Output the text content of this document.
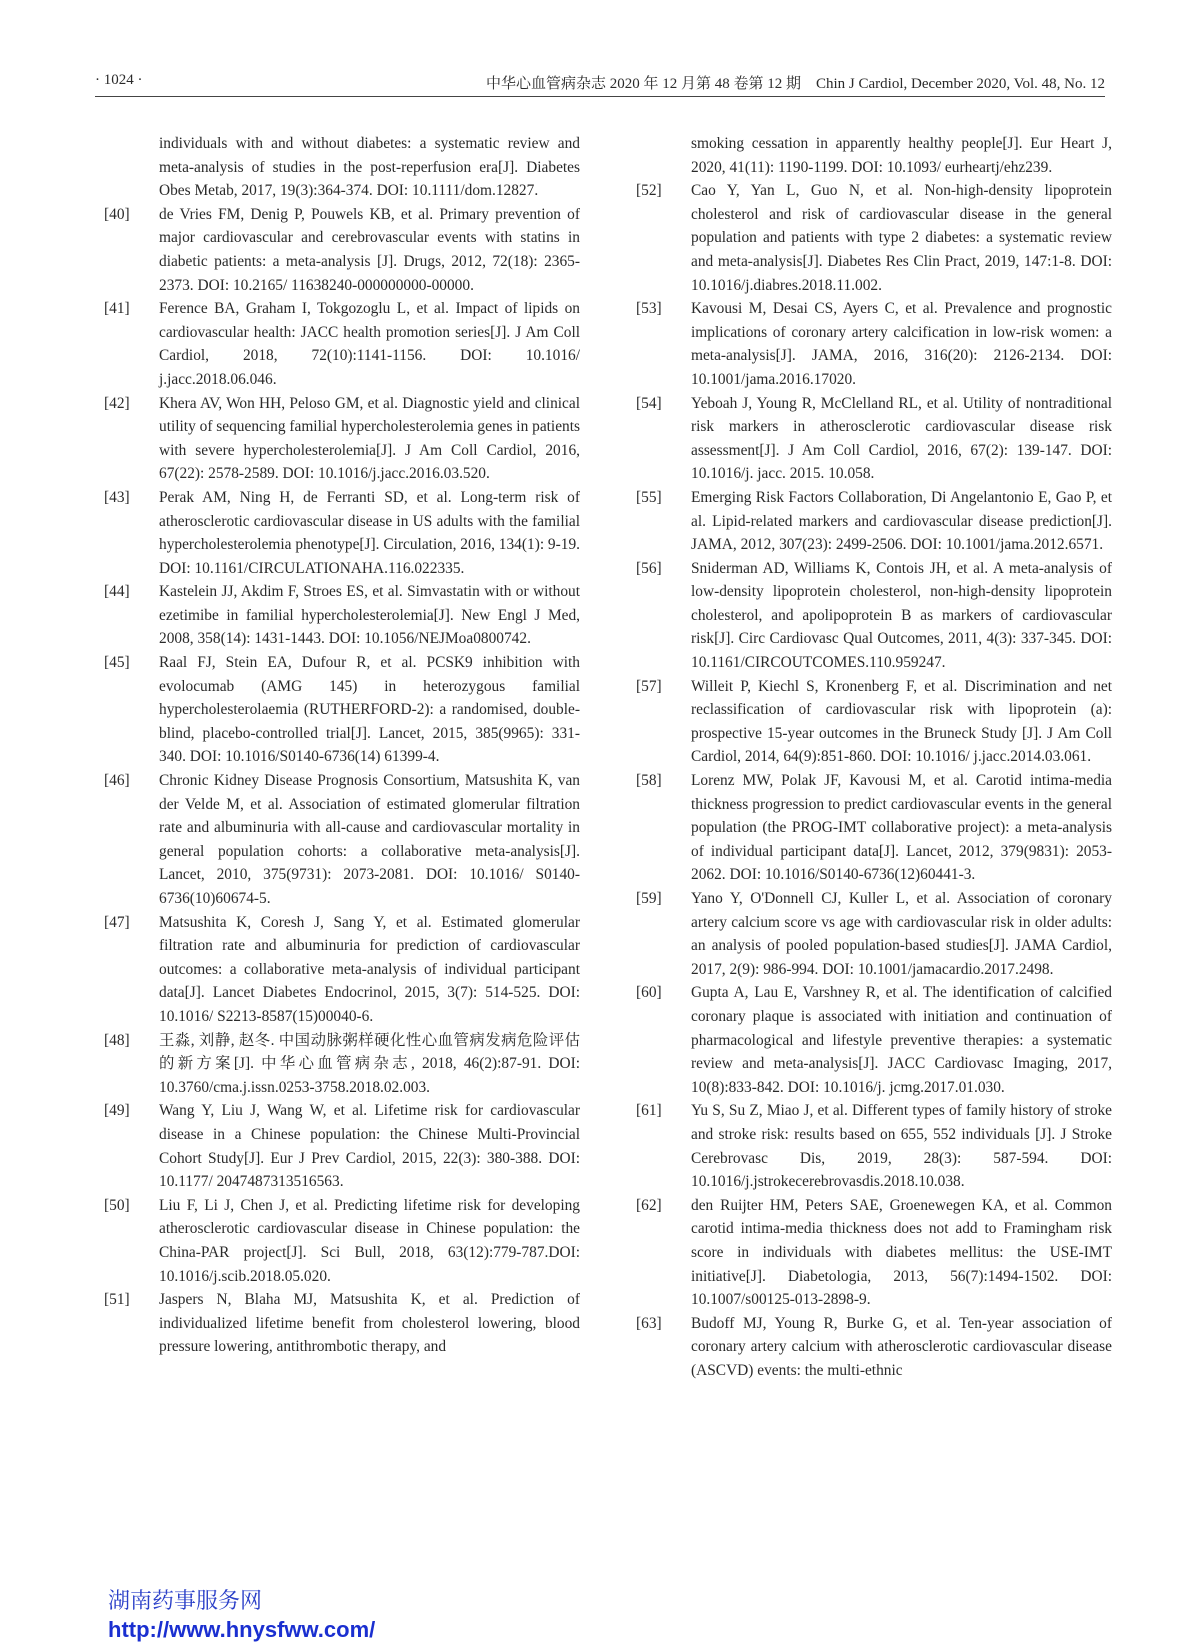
· 1024 ·	中华心血管病杂志 2020 年 12 月第 48 卷第 12 期　Chin J Cardiol, December 2020, Vol. 48, No. 12
individuals with and without diabetes: a systematic review and meta-analysis of studies in the post-reperfusion era[J]. Diabetes Obes Metab, 2017, 19(3):364-374. DOI: 10.1111/dom.12827.
[40] de Vries FM, Denig P, Pouwels KB, et al. Primary prevention of major cardiovascular and cerebrovascular events with statins in diabetic patients: a meta-analysis [J]. Drugs, 2012, 72(18): 2365-2373. DOI: 10.2165/ 11638240-000000000-00000.
[41] Ference BA, Graham I, Tokgozoglu L, et al. Impact of lipids on cardiovascular health: JACC health promotion series[J]. J Am Coll Cardiol, 2018, 72(10):1141-1156. DOI: 10.1016/ j.jacc.2018.06.046.
[42] Khera AV, Won HH, Peloso GM, et al. Diagnostic yield and clinical utility of sequencing familial hypercholesterolemia genes in patients with severe hypercholesterolemia[J]. J Am Coll Cardiol, 2016, 67(22): 2578-2589. DOI: 10.1016/j.jacc.2016.03.520.
[43] Perak AM, Ning H, de Ferranti SD, et al. Long-term risk of atherosclerotic cardiovascular disease in US adults with the familial hypercholesterolemia phenotype[J]. Circulation, 2016, 134(1): 9-19. DOI: 10.1161/CIRCULATIONAHA.116.022335.
[44] Kastelein JJ, Akdim F, Stroes ES, et al. Simvastatin with or without ezetimibe in familial hypercholesterolemia[J]. New Engl J Med, 2008, 358(14): 1431-1443. DOI: 10.1056/NEJMoa0800742.
[45] Raal FJ, Stein EA, Dufour R, et al. PCSK9 inhibition with evolocumab (AMG 145) in heterozygous familial hypercholesterolaemia (RUTHERFORD-2): a randomised, double-blind, placebo-controlled trial[J]. Lancet, 2015, 385(9965): 331-340. DOI: 10.1016/S0140-6736(14) 61399-4.
[46] Chronic Kidney Disease Prognosis Consortium, Matsushita K, van der Velde M, et al. Association of estimated glomerular filtration rate and albuminuria with all-cause and cardiovascular mortality in general population cohorts: a collaborative meta-analysis[J]. Lancet, 2010, 375(9731): 2073-2081. DOI: 10.1016/ S0140-6736(10)60674-5.
[47] Matsushita K, Coresh J, Sang Y, et al. Estimated glomerular filtration rate and albuminuria for prediction of cardiovascular outcomes: a collaborative meta-analysis of individual participant data[J]. Lancet Diabetes Endocrinol, 2015, 3(7): 514-525. DOI: 10.1016/ S2213-8587(15)00040-6.
[48] 王淼, 刘静, 赵冬. 中国动脉粥样硬化性心血管病发病危险评估的新方案[J]. 中华心血管病杂志, 2018, 46(2):87-91. DOI: 10.3760/cma.j.issn.0253-3758.2018.02.003.
[49] Wang Y, Liu J, Wang W, et al. Lifetime risk for cardiovascular disease in a Chinese population: the Chinese Multi-Provincial Cohort Study[J]. Eur J Prev Cardiol, 2015, 22(3): 380-388. DOI: 10.1177/ 2047487313516563.
[50] Liu F, Li J, Chen J, et al. Predicting lifetime risk for developing atherosclerotic cardiovascular disease in Chinese population: the China-PAR project[J]. Sci Bull, 2018, 63(12):779-787.DOI: 10.1016/j.scib.2018.05.020.
[51] Jaspers N, Blaha MJ, Matsushita K, et al. Prediction of individualized lifetime benefit from cholesterol lowering, blood pressure lowering, antithrombotic therapy, and
smoking cessation in apparently healthy people[J]. Eur Heart J, 2020, 41(11): 1190-1199. DOI: 10.1093/ eurheartj/ehz239.
[52] Cao Y, Yan L, Guo N, et al. Non-high-density lipoprotein cholesterol and risk of cardiovascular disease in the general population and patients with type 2 diabetes: a systematic review and meta-analysis[J]. Diabetes Res Clin Pract, 2019, 147:1-8. DOI: 10.1016/j.diabres.2018.11.002.
[53] Kavousi M, Desai CS, Ayers C, et al. Prevalence and prognostic implications of coronary artery calcification in low-risk women: a meta-analysis[J]. JAMA, 2016, 316(20): 2126-2134. DOI: 10.1001/jama.2016.17020.
[54] Yeboah J, Young R, McClelland RL, et al. Utility of nontraditional risk markers in atherosclerotic cardiovascular disease risk assessment[J]. J Am Coll Cardiol, 2016, 67(2): 139-147. DOI: 10.1016/j. jacc. 2015. 10.058.
[55] Emerging Risk Factors Collaboration, Di Angelantonio E, Gao P, et al. Lipid-related markers and cardiovascular disease prediction[J]. JAMA, 2012, 307(23): 2499-2506. DOI: 10.1001/jama.2012.6571.
[56] Sniderman AD, Williams K, Contois JH, et al. A meta-analysis of low-density lipoprotein cholesterol, non-high-density lipoprotein cholesterol, and apolipoprotein B as markers of cardiovascular risk[J]. Circ Cardiovasc Qual Outcomes, 2011, 4(3): 337-345. DOI: 10.1161/CIRCOUTCOMES.110.959247.
[57] Willeit P, Kiechl S, Kronenberg F, et al. Discrimination and net reclassification of cardiovascular risk with lipoprotein (a): prospective 15-year outcomes in the Bruneck Study [J]. J Am Coll Cardiol, 2014, 64(9):851-860. DOI: 10.1016/ j.jacc.2014.03.061.
[58] Lorenz MW, Polak JF, Kavousi M, et al. Carotid intima-media thickness progression to predict cardiovascular events in the general population (the PROG-IMT collaborative project): a meta-analysis of individual participant data[J]. Lancet, 2012, 379(9831): 2053-2062. DOI: 10.1016/S0140-6736(12)60441-3.
[59] Yano Y, O'Donnell CJ, Kuller L, et al. Association of coronary artery calcium score vs age with cardiovascular risk in older adults: an analysis of pooled population-based studies[J]. JAMA Cardiol, 2017, 2(9): 986-994. DOI: 10.1001/jamacardio.2017.2498.
[60] Gupta A, Lau E, Varshney R, et al. The identification of calcified coronary plaque is associated with initiation and continuation of pharmacological and lifestyle preventive therapies: a systematic review and meta-analysis[J]. JACC Cardiovasc Imaging, 2017, 10(8):833-842. DOI: 10.1016/j. jcmg.2017.01.030.
[61] Yu S, Su Z, Miao J, et al. Different types of family history of stroke and stroke risk: results based on 655, 552 individuals [J]. J Stroke Cerebrovasc Dis, 2019, 28(3): 587-594. DOI: 10.1016/j.jstrokecerebrovasdis.2018.10.038.
[62] den Ruijter HM, Peters SAE, Groenewegen KA, et al. Common carotid intima-media thickness does not add to Framingham risk score in individuals with diabetes mellitus: the USE-IMT initiative[J]. Diabetologia, 2013, 56(7):1494-1502. DOI: 10.1007/s00125-013-2898-9.
[63] Budoff MJ, Young R, Burke G, et al. Ten-year association of coronary artery calcium with atherosclerotic cardiovascular disease (ASCVD) events: the multi-ethnic
湖南药事服务网
http://www.hnysfww.com/
